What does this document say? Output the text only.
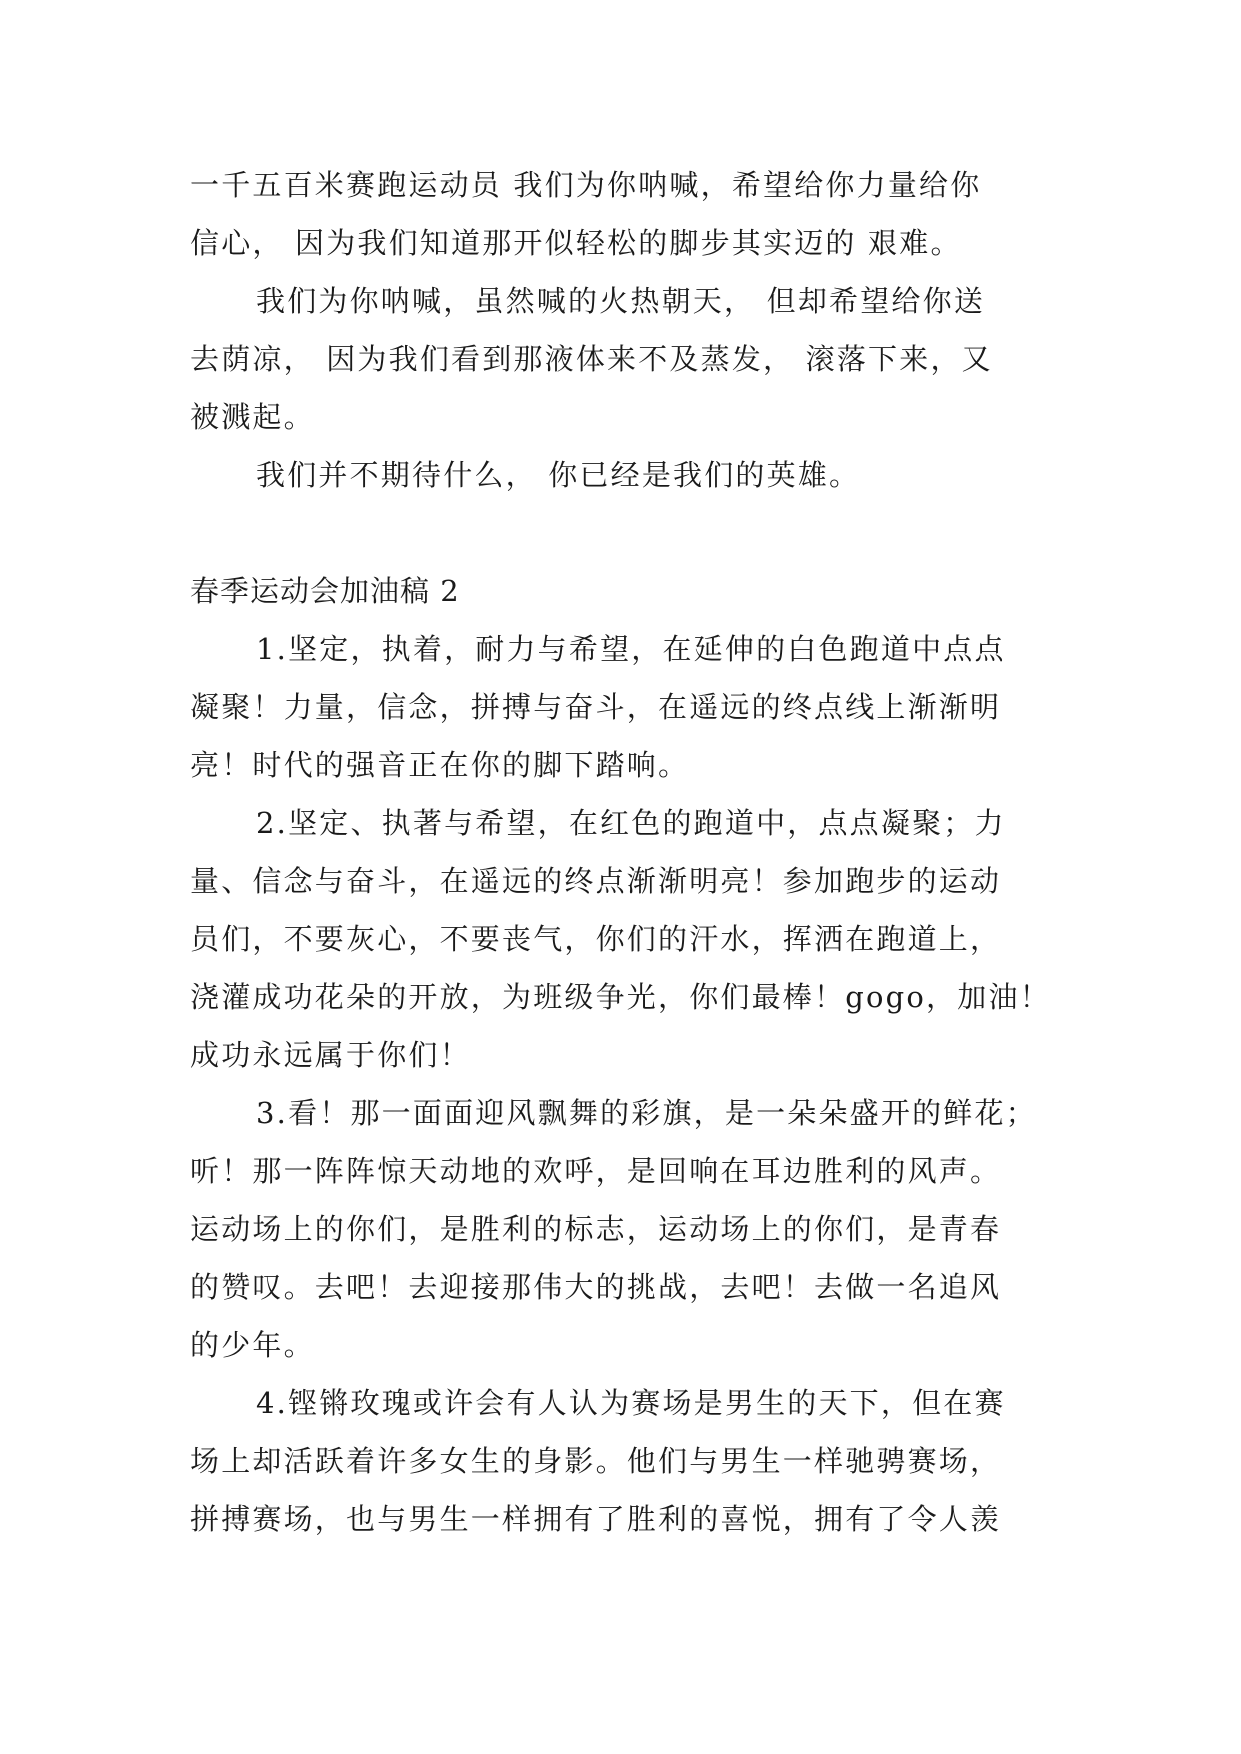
一千五百米赛跑运动员 我们为你呐喊，希望给你力量给你

信心， 因为我们知道那开似轻松的脚步其实迈的 艰难。

我们为你呐喊，虽然喊的火热朝天， 但却希望给你送

去荫凉， 因为我们看到那液体来不及蒸发， 滚落下来，又

被溅起。

我们并不期待什么， 你已经是我们的英雄。

春季运动会加油稿 2

1.坚定，执着，耐力与希望，在延伸的白色跑道中点点

凝聚！力量，信念，拼搏与奋斗，在遥远的终点线上渐渐明

亮！时代的强音正在你的脚下踏响。

2.坚定、执著与希望，在红色的跑道中，点点凝聚；力

量、信念与奋斗，在遥远的终点渐渐明亮！参加跑步的运动

员们，不要灰心，不要丧气，你们的汗水，挥洒在跑道上，

浇灌成功花朵的开放，为班级争光，你们最棒！gogo，加油！

成功永远属于你们！

3.看！那一面面迎风飘舞的彩旗，是一朵朵盛开的鲜花；

听！那一阵阵惊天动地的欢呼，是回响在耳边胜利的风声。

运动场上的你们，是胜利的标志，运动场上的你们，是青春

的赞叹。去吧！去迎接那伟大的挑战，去吧！去做一名追风

的少年。

4.铿锵玫瑰或许会有人认为赛场是男生的天下，但在赛

场上却活跃着许多女生的身影。他们与男生一样驰骋赛场，

拼搏赛场，也与男生一样拥有了胜利的喜悦，拥有了令人羡
